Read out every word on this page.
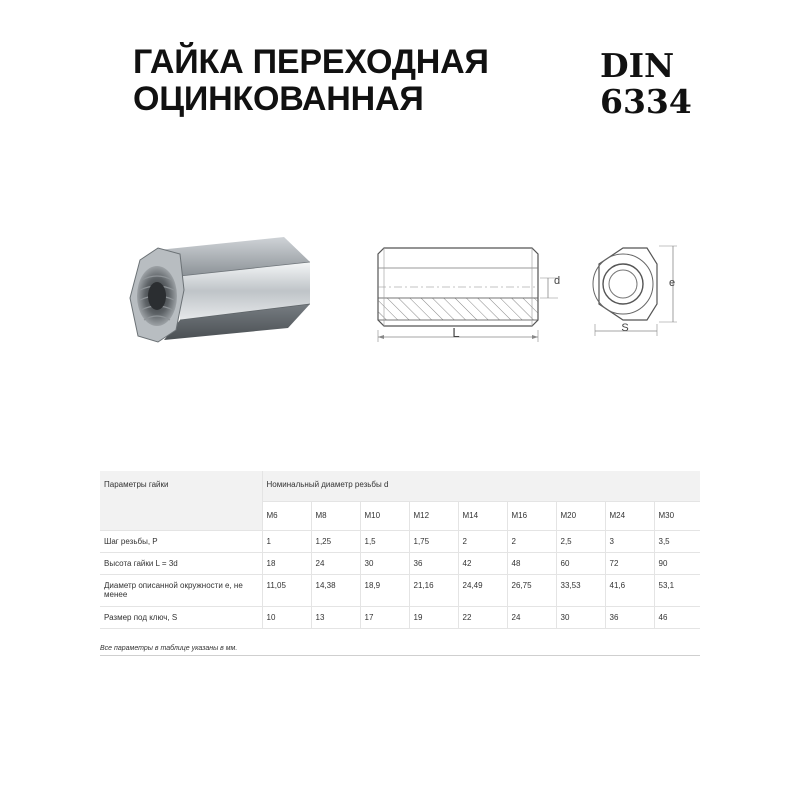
ГАЙКА ПЕРЕХОДНАЯ
ОЦИНКОВАННАЯ
DIN
6334
d
L
e
S
Параметры гайки	Номинальный диаметр резьбы d								
	M6	M8	M10	M12	M14	M16	M20	M24	M30
Шаг резьбы, P	1	1,25	1,5	1,75	2	2	2,5	3	3,5
Высота гайки L = 3d	18	24	30	36	42	48	60	72	90
Диаметр описанной окружности e, не менее	11,05	14,38	18,9	21,16	24,49	26,75	33,53	41,6	53,1
Размер под ключ, S	10	13	17	19	22	24	30	36	46
Все параметры в таблице указаны в мм.
